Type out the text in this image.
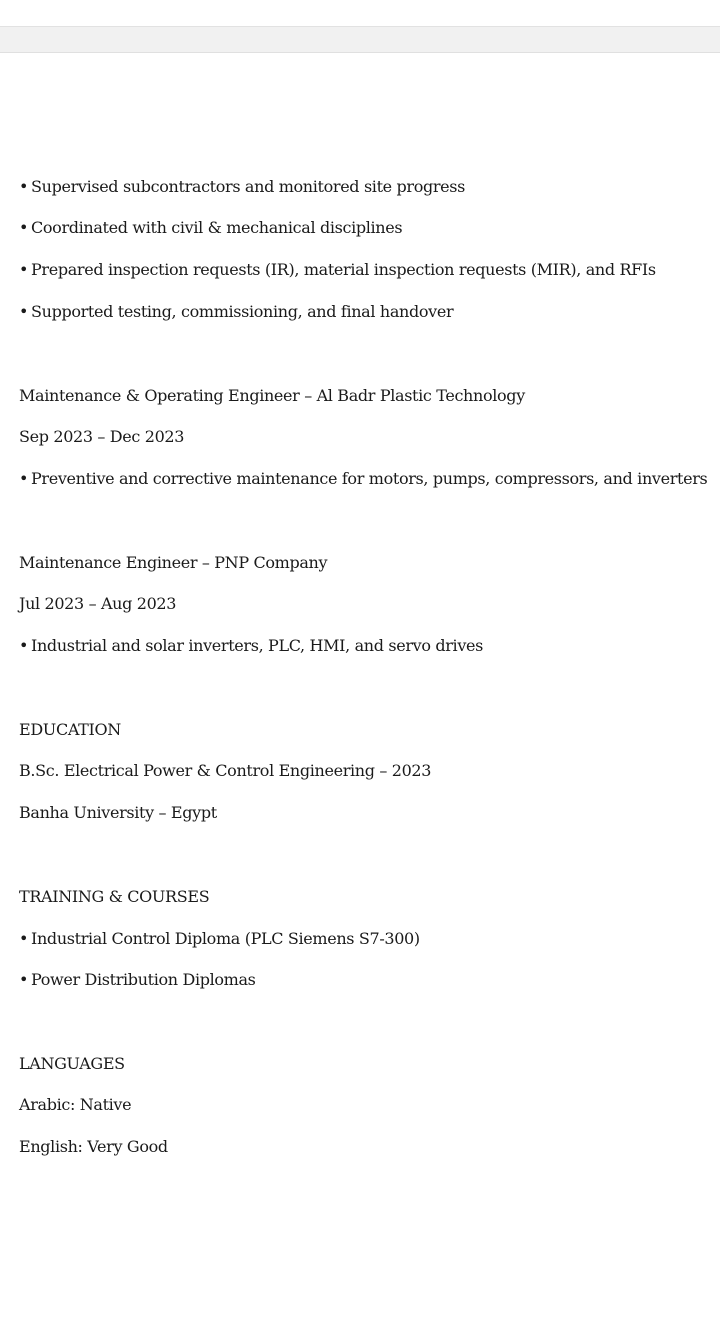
• Supervised subcontractors and monitored site progress
• Coordinated with civil & mechanical disciplines
• Prepared inspection requests (IR), material inspection requests (MIR), and RFIs
• Supported testing, commissioning, and final handover
Maintenance & Operating Engineer – Al Badr Plastic Technology
Sep 2023 – Dec 2023
• Preventive and corrective maintenance for motors, pumps, compressors, and inverters
Maintenance Engineer – PNP Company
Jul 2023 – Aug 2023
• Industrial and solar inverters, PLC, HMI, and servo drives
EDUCATION
B.Sc. Electrical Power & Control Engineering – 2023
Banha University – Egypt
TRAINING & COURSES
• Industrial Control Diploma (PLC Siemens S7-300)
• Power Distribution Diplomas
LANGUAGES
Arabic: Native
English: Very Good
